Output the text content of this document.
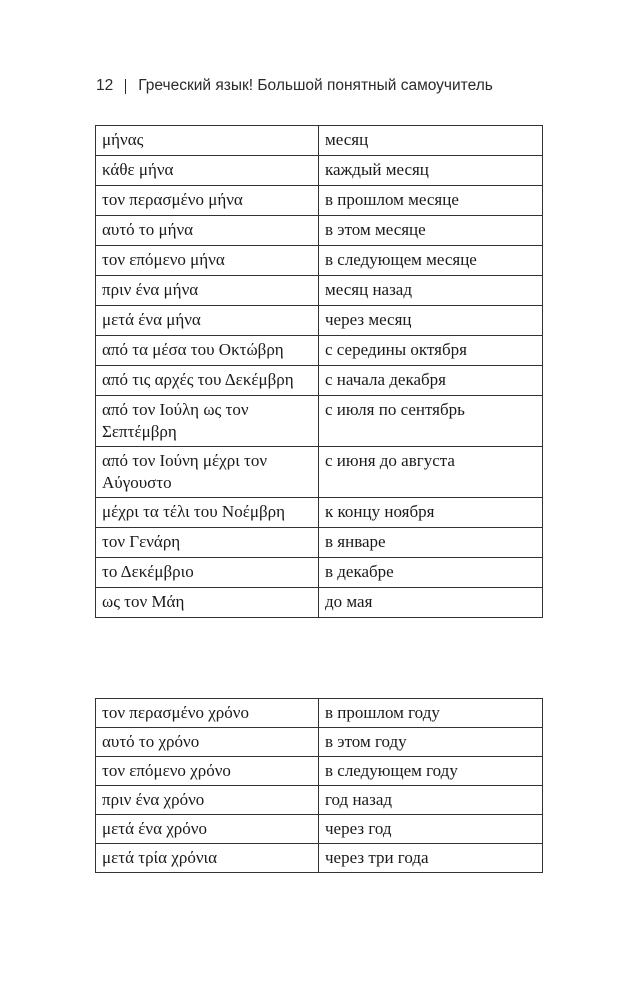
12 Греческий язык! Большой понятный самоучитель
μήνας	месяц
κάθε μήνα	каждый месяц
τον περασμένο μήνα	в прошлом месяце
αυτό το μήνα	в этом месяце
τον επόμενο μήνα	в следующем месяце
πριν ένα μήνα	месяц назад
μετά ένα μήνα	через месяц
από τα μέσα του Οκτώβρη	с середины октября
από τις αρχές του Δεκέμβρη	с начала декабря
από τον Ιούλη ως τον Σεπτέμβρη	с июля по сентябрь
από τον Ιούνη μέχρι τον Αύγουστο	с июня до августа
μέχρι τα τέλι του Νοέμβρη	к концу ноября
τον Γενάρη	в январе
το Δεκέμβριο	в декабре
ως τον Μάη	до мая
τον περασμένο χρόνο	в прошлом году
αυτό το χρόνο	в этом году
τον επόμενο χρόνο	в следующем году
πριν ένα χρόνο	год назад
μετά ένα χρόνο	через год
μετά τρία χρόνια	через три года
